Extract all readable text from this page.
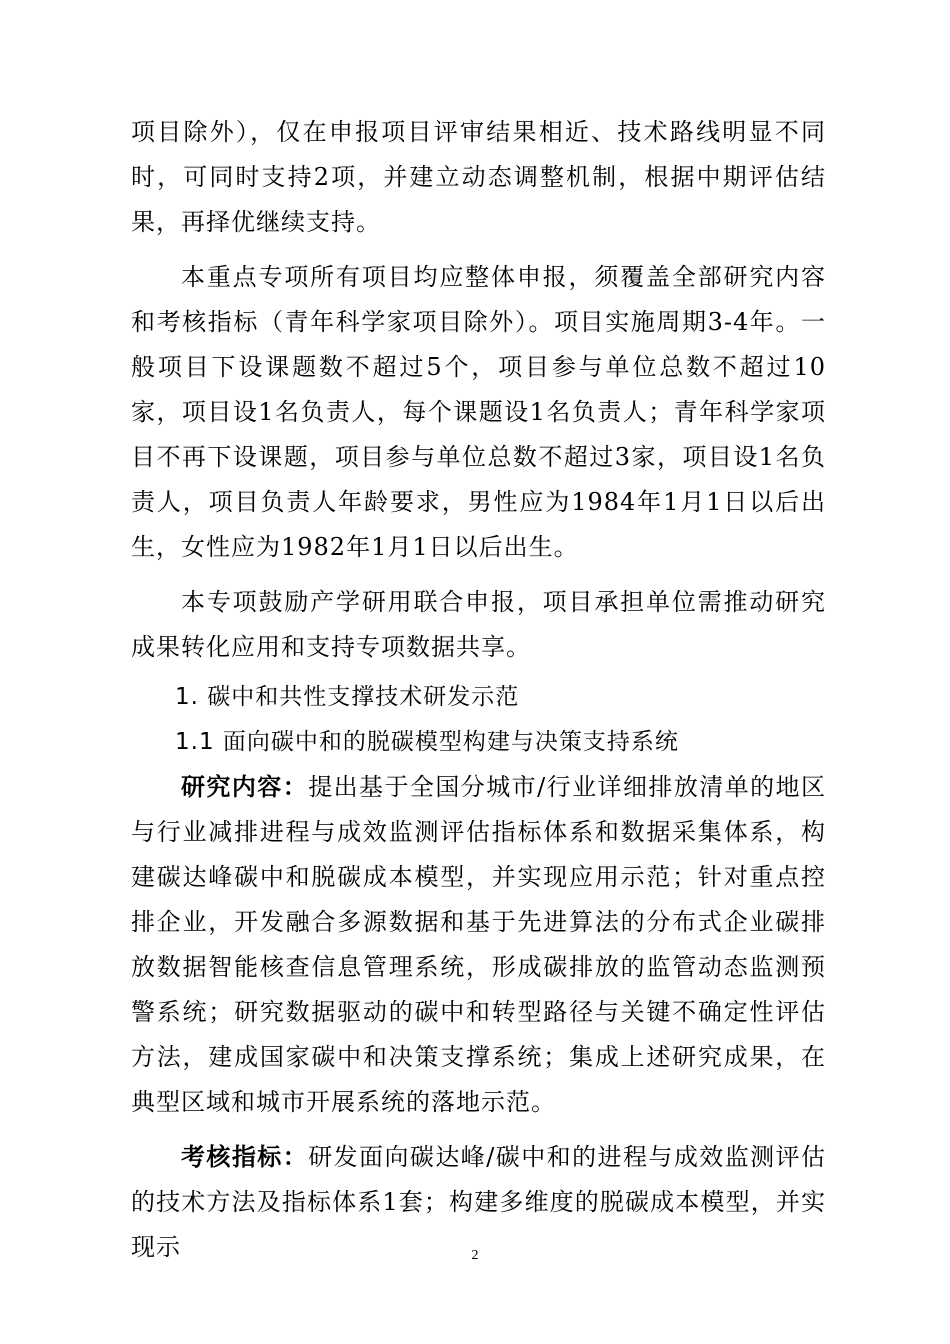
项目除外），仅在申报项目评审结果相近、技术路线明显不同时，可同时支持2项，并建立动态调整机制，根据中期评估结果，再择优继续支持。

本重点专项所有项目均应整体申报，须覆盖全部研究内容和考核指标（青年科学家项目除外）。项目实施周期3-4年。一般项目下设课题数不超过5个，项目参与单位总数不超过10家，项目设1名负责人，每个课题设1名负责人；青年科学家项目不再下设课题，项目参与单位总数不超过3家，项目设1名负责人，项目负责人年龄要求，男性应为1984年1月1日以后出生，女性应为1982年1月1日以后出生。

本专项鼓励产学研用联合申报，项目承担单位需推动研究成果转化应用和支持专项数据共享。

1. 碳中和共性支撑技术研发示范

1.1 面向碳中和的脱碳模型构建与决策支持系统

研究内容：提出基于全国分城市/行业详细排放清单的地区与行业减排进程与成效监测评估指标体系和数据采集体系，构建碳达峰碳中和脱碳成本模型，并实现应用示范；针对重点控排企业，开发融合多源数据和基于先进算法的分布式企业碳排放数据智能核查信息管理系统，形成碳排放的监管动态监测预警系统；研究数据驱动的碳中和转型路径与关键不确定性评估方法，建成国家碳中和决策支撑系统；集成上述研究成果，在典型区域和城市开展系统的落地示范。

考核指标：研发面向碳达峰/碳中和的进程与成效监测评估的技术方法及指标体系1套；构建多维度的脱碳成本模型，并实现示	2
